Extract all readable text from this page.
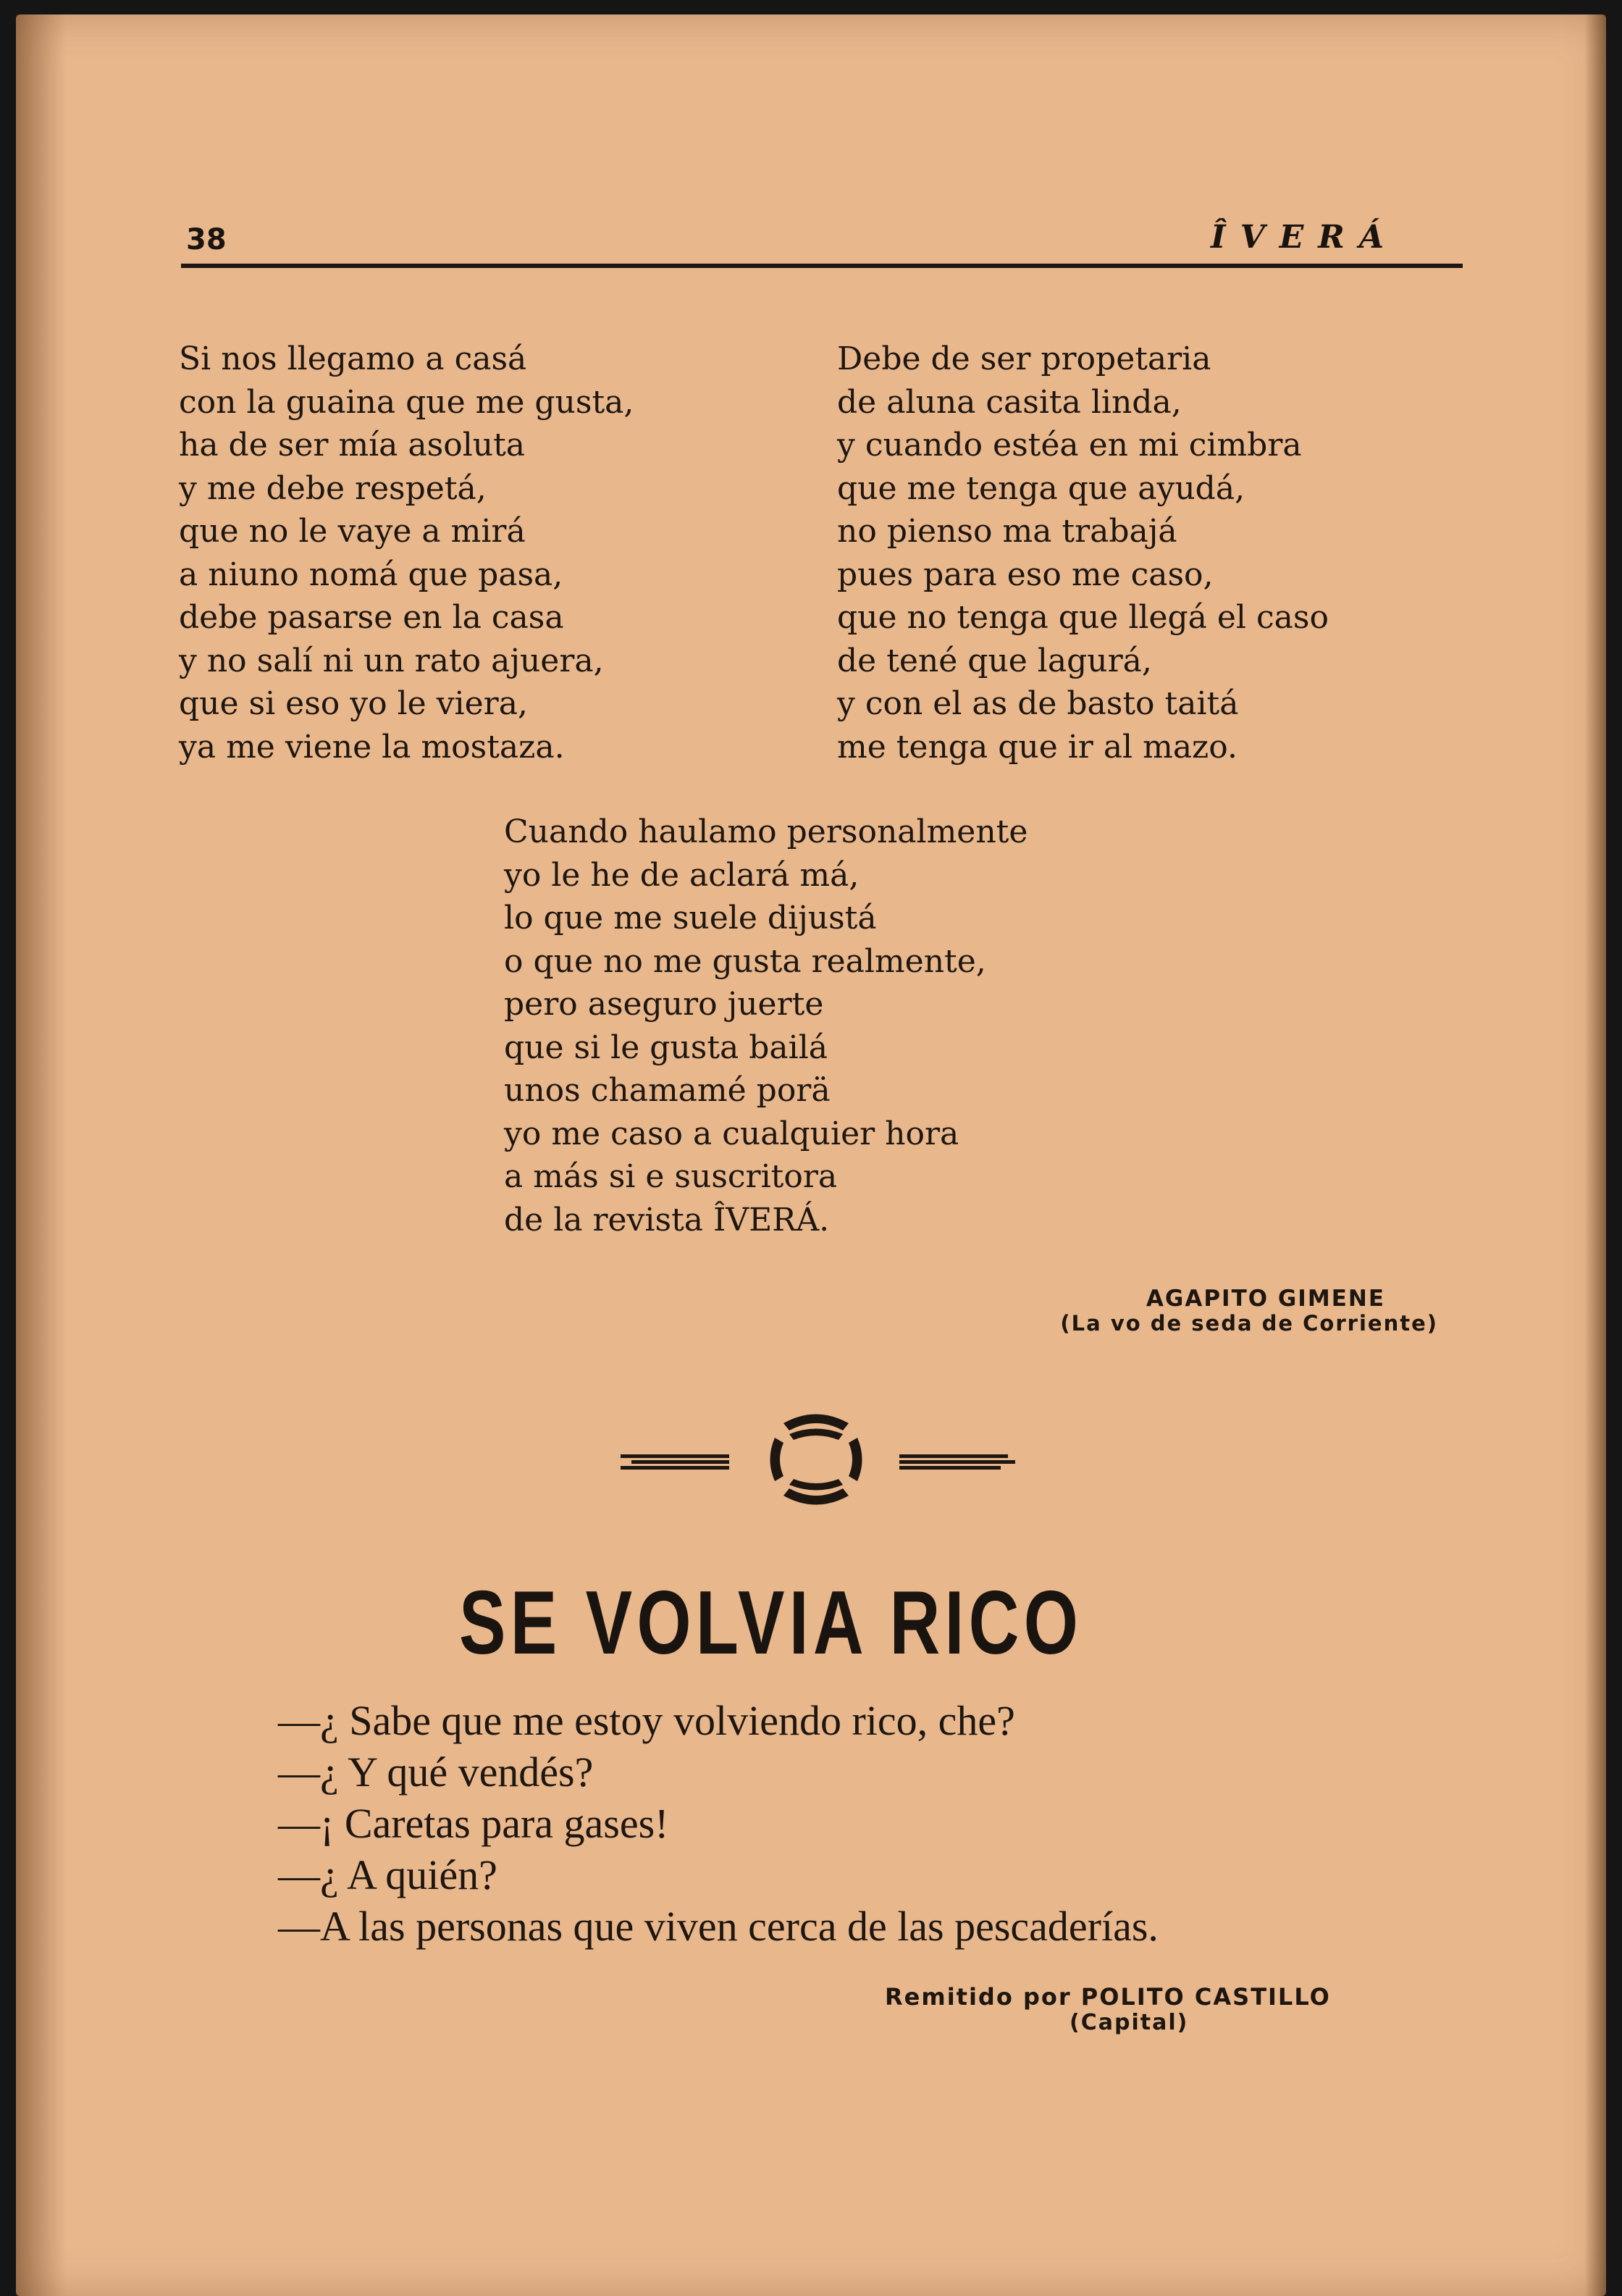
38	ÎVERÁ
Si nos llegamo a casá
con la guaina que me gusta,
ha de ser mía asoluta
y me debe respetá,
que no le vaye a mirá
a niuno nomá que pasa,
debe pasarse en la casa
y no salí ni un rato ajuera,
que si eso yo le viera,
ya me viene la mostaza.
Debe de ser propetaria
de aluna casita linda,
y cuando estéa en mi cimbra
que me tenga que ayudá,
no pienso ma trabajá
pues para eso me caso,
que no tenga que llegá el caso
de tené que lagurá,
y con el as de basto taitá
me tenga que ir al mazo.
Cuando haulamo personalmente
yo le he de aclará má,
lo que me suele dijustá
o que no me gusta realmente,
pero aseguro juerte
que si le gusta bailá
unos chamamé porä
yo me caso a cualquier hora
a más si e suscritora
de la revista ÎVERÁ.
AGAPITO GIMENE
(La vo de seda de Corriente)
SE VOLVIA RICO
—¿ Sabe que me estoy volviendo rico, che?
—¿ Y qué vendés?
—¡ Caretas para gases!
—¿ A quién?
—A las personas que viven cerca de las pescaderías.
Remitido por POLITO CASTILLO
(Capital)
